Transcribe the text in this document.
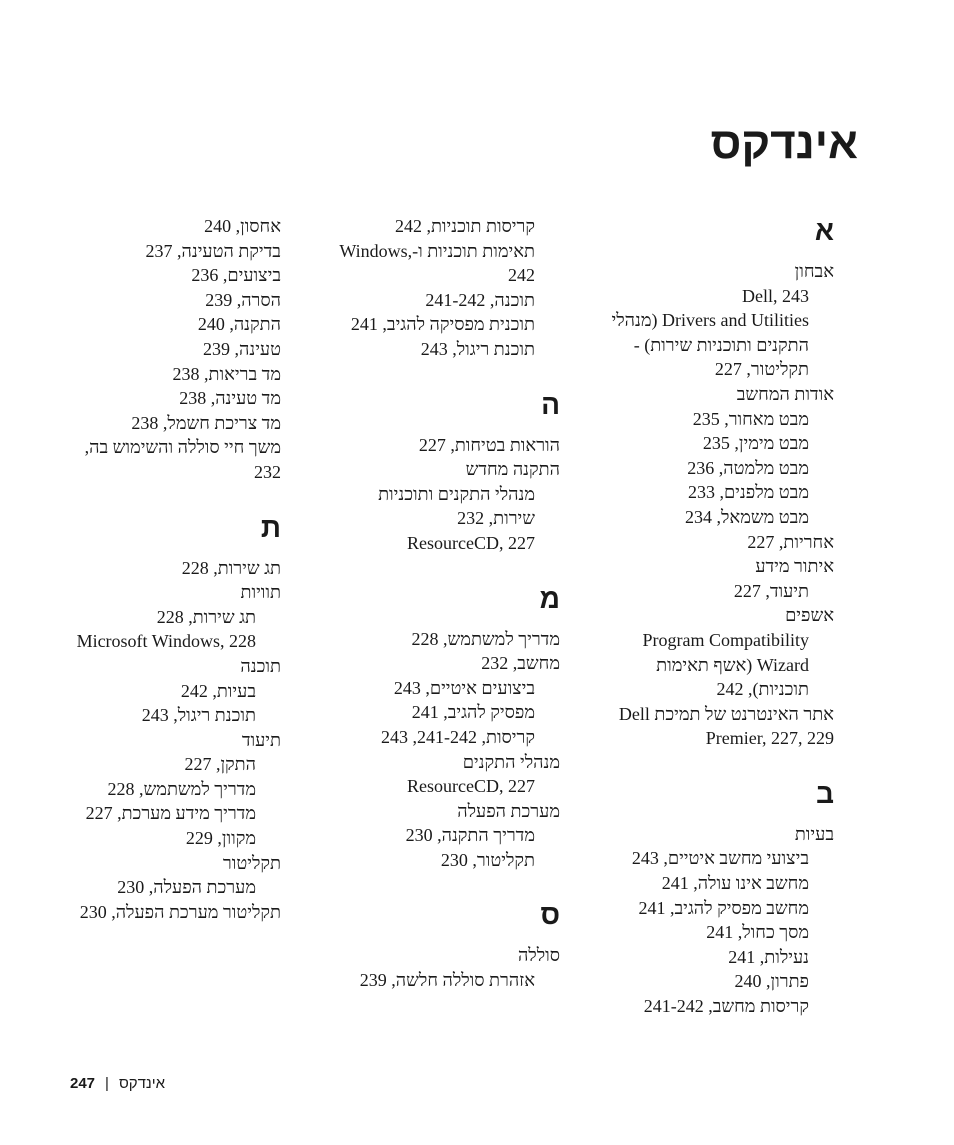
אינדקס
א
אבחון
Dell, 243
Drivers and Utilities (מנהלי התקנים ותוכניות שירות) - תקליטור, 227
אודות המחשב
מבט מאחור, 235
מבט מימין, 235
מבט מלמטה, 236
מבט מלפנים, 233
מבט משמאל, 234
אחריות, 227
איתור מידע
תיעוד, 227
אשפים
Program Compatibility Wizard (אשף תאימות תוכניות), 242
אתר האינטרנט של תמיכת Dell Premier, 227, 229
ב
בעיות
ביצועי מחשב איטיים, 243
מחשב אינו עולה, 241
מחשב מפסיק להגיב, 241
מסך כחול, 241
נעילות, 241
פתרון, 240
קריסות מחשב, 241-242
קריסות תוכניות, 242
תאימות תוכניות ו-Windows, 242
תוכנה, 241-242
תוכנית מפסיקה להגיב, 241
תוכנת ריגול, 243
ה
הוראות בטיחות, 227
התקנה מחדש
מנהלי התקנים ותוכניות שירות, 232
ResourceCD, 227
מ
מדריך למשתמש, 228
מחשב, 232
ביצועים איטיים, 243
מפסיק להגיב, 241
קריסות, 241-242, 243
מנהלי התקנים
ResourceCD, 227
מערכת הפעלה
מדריך התקנה, 230
תקליטור, 230
ס
סוללה
אזהרת סוללה חלשה, 239
אחסון, 240
בדיקת הטעינה, 237
ביצועים, 236
הסרה, 239
התקנה, 240
טעינה, 239
מד בריאות, 238
מד טעינה, 238
מד צריכת חשמל, 238
משך חיי סוללה והשימוש בה, 232
ת
תג שירות, 228
תוויות
תג שירות, 228
Microsoft Windows, 228
תוכנה
בעיות, 242
תוכנת ריגול, 243
תיעוד
התקן, 227
מדריך למשתמש, 228
מדריך מידע מערכת, 227
מקוון, 229
תקליטור
מערכת הפעלה, 230
תקליטור מערכת הפעלה, 230
247 | אינדקס
